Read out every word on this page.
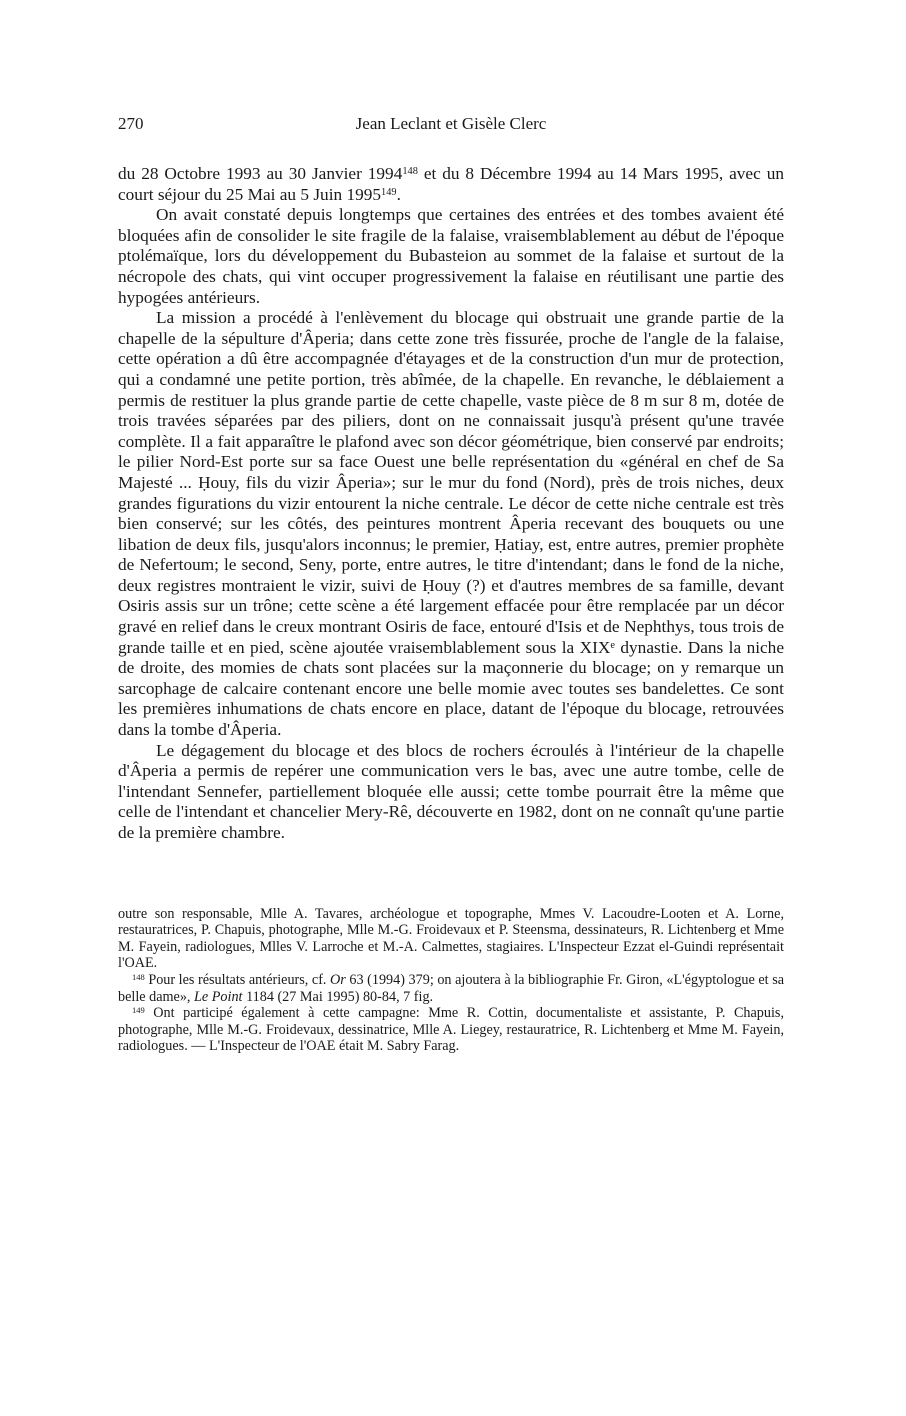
270	Jean Leclant et Gisèle Clerc

du 28 Octobre 1993 au 30 Janvier 1994$^{148}$ et du 8 Décembre 1994 au 14 Mars 1995, avec un court séjour du 25 Mai au 5 Juin 1995$^{149}$.

On avait constaté depuis longtemps que certaines des entrées et des tombes avaient été bloquées afin de consolider le site fragile de la falaise, vraisemblablement au début de l'époque ptolémaïque, lors du développement du Bubasteion au sommet de la falaise et surtout de la nécropole des chats, qui vint occuper progressivement la falaise en réutilisant une partie des hypogées antérieurs.

La mission a procédé à l'enlèvement du blocage qui obstruait une grande partie de la chapelle de la sépulture d'Âperia; dans cette zone très fissurée, proche de l'angle de la falaise, cette opération a dû être accompagnée d'étayages et de la construction d'un mur de protection, qui a condamné une petite portion, très abîmée, de la chapelle. En revanche, le déblaiement a permis de restituer la plus grande partie de cette chapelle, vaste pièce de 8 m sur 8 m, dotée de trois travées séparées par des piliers, dont on ne connaissait jusqu'à présent qu'une travée complète. Il a fait apparaître le plafond avec son décor géométrique, bien conservé par endroits; le pilier Nord-Est porte sur sa face Ouest une belle représentation du «général en chef de Sa Majesté ... Ḥouy, fils du vizir Âperia»; sur le mur du fond (Nord), près de trois niches, deux grandes figurations du vizir entourent la niche centrale. Le décor de cette niche centrale est très bien conservé; sur les côtés, des peintures montrent Âperia recevant des bouquets ou une libation de deux fils, jusqu'alors inconnus; le premier, Ḥatiay, est, entre autres, premier prophète de Nefertoum; le second, Seny, porte, entre autres, le titre d'intendant; dans le fond de la niche, deux registres montraient le vizir, suivi de Ḥouy (?) et d'autres membres de sa famille, devant Osiris assis sur un trône; cette scène a été largement effacée pour être remplacée par un décor gravé en relief dans le creux montrant Osiris de face, entouré d'Isis et de Nephthys, tous trois de grande taille et en pied, scène ajoutée vraisemblablement sous la XIXe dynastie. Dans la niche de droite, des momies de chats sont placées sur la maçonnerie du blocage; on y remarque un sarcophage de calcaire contenant encore une belle momie avec toutes ses bandelettes. Ce sont les premières inhumations de chats encore en place, datant de l'époque du blocage, retrouvées dans la tombe d'Âperia.

Le dégagement du blocage et des blocs de rochers écroulés à l'intérieur de la chapelle d'Âperia a permis de repérer une communication vers le bas, avec une autre tombe, celle de l'intendant Sennefer, partiellement bloquée elle aussi; cette tombe pourrait être la même que celle de l'intendant et chancelier Mery-Rê, découverte en 1982, dont on ne connaît qu'une partie de la première chambre.

outre son responsable, Mlle A. Tavares, archéologue et topographe, Mmes V. Lacoudre-Looten et A. Lorne, restauratrices, P. Chapuis, photographe, Mlle M.-G. Froidevaux et P. Steensma, dessinateurs, R. Lichtenberg et Mme M. Fayein, radiologues, Mlles V. Larroche et M.-A. Calmettes, stagiaires. L'Inspecteur Ezzat el-Guindi représentait l'OAE.

$^{148}$ Pour les résultats antérieurs, cf. Or 63 (1994) 379; on ajoutera à la bibliographie Fr. Giron, «L'égyptologue et sa belle dame», Le Point 1184 (27 Mai 1995) 80-84, 7 fig.

$^{149}$ Ont participé également à cette campagne: Mme R. Cottin, documentaliste et assistante, P. Chapuis, photographe, Mlle M.-G. Froidevaux, dessinatrice, Mlle A. Liegey, restauratrice, R. Lichtenberg et Mme M. Fayein, radiologues. — L'Inspecteur de l'OAE était M. Sabry Farag.
